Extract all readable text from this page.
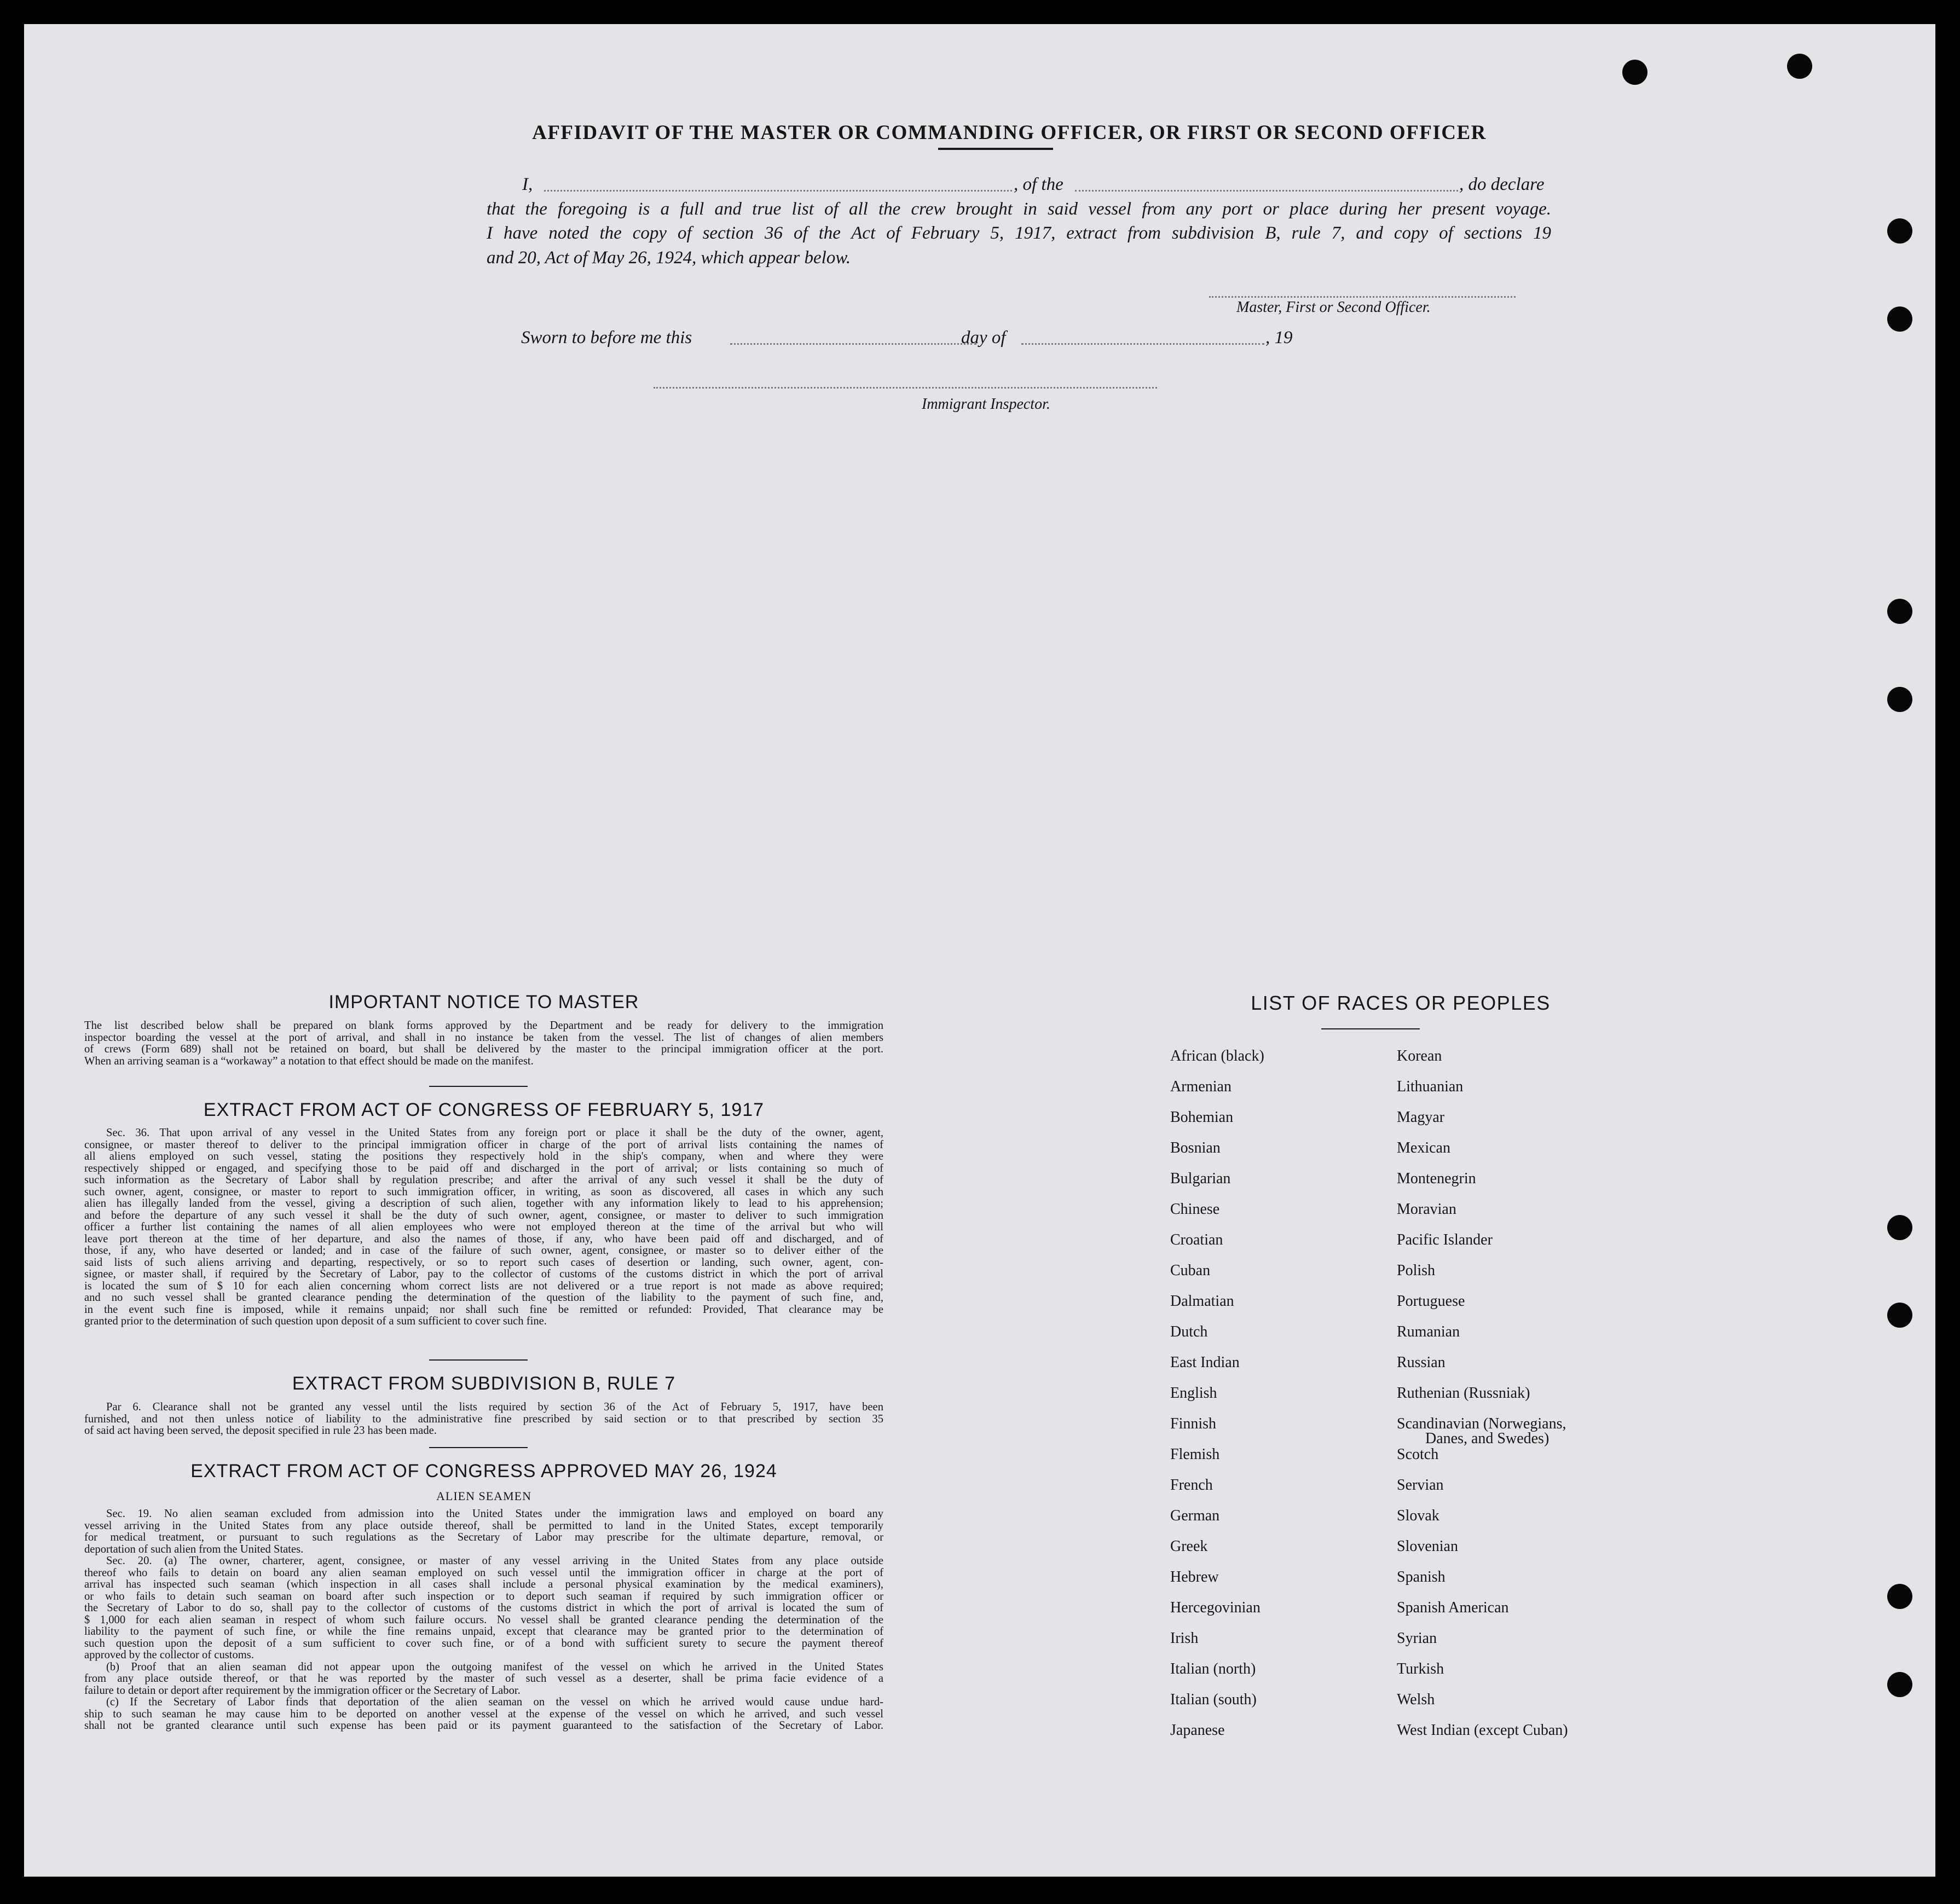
AFFIDAVIT OF THE MASTER OR COMMANDING OFFICER, OR FIRST OR SECOND OFFICER
I,	, of the	, do declare
that the foregoing is a full and true list of all the crew brought in said vessel from any port or place during her present voyage.
I have noted the copy of section 36 of the Act of February 5, 1917, extract from subdivision B, rule 7, and copy of sections 19
and 20, Act of May 26, 1924, which appear below.
Master, First or Second Officer.
Sworn to before me this	day of	, 19
Immigrant Inspector.
IMPORTANT NOTICE TO MASTER
The list described below shall be prepared on blank forms approved by the Department and be ready for delivery to the immigration
inspector boarding the vessel at the port of arrival, and shall in no instance be taken from the vessel. The list of changes of alien members
of crews (Form 689) shall not be retained on board, but shall be delivered by the master to the principal immigration officer at the port.
When an arriving seaman is a “workaway” a notation to that effect should be made on the manifest.
EXTRACT FROM ACT OF CONGRESS OF FEBRUARY 5, 1917
Sec. 36. That upon arrival of any vessel in the United States from any foreign port or place it shall be the duty of the owner, agent,
consignee, or master thereof to deliver to the principal immigration officer in charge of the port of arrival lists containing the names of
all aliens employed on such vessel, stating the positions they respectively hold in the ship's company, when and where they were
respectively shipped or engaged, and specifying those to be paid off and discharged in the port of arrival; or lists containing so much of
such information as the Secretary of Labor shall by regulation prescribe; and after the arrival of any such vessel it shall be the duty of
such owner, agent, consignee, or master to report to such immigration officer, in writing, as soon as discovered, all cases in which any such
alien has illegally landed from the vessel, giving a description of such alien, together with any information likely to lead to his apprehension;
and before the departure of any such vessel it shall be the duty of such owner, agent, consignee, or master to deliver to such immigration
officer a further list containing the names of all alien employees who were not employed thereon at the time of the arrival but who will
leave port thereon at the time of her departure, and also the names of those, if any, who have been paid off and discharged, and of
those, if any, who have deserted or landed; and in case of the failure of such owner, agent, consignee, or master so to deliver either of the
said lists of such aliens arriving and departing, respectively, or so to report such cases of desertion or landing, such owner, agent, con-
signee, or master shall, if required by the Secretary of Labor, pay to the collector of customs of the customs district in which the port of arrival
is located the sum of $ 10 for each alien concerning whom correct lists are not delivered or a true report is not made as above required;
and no such vessel shall be granted clearance pending the determination of the question of the liability to the payment of such fine, and,
in the event such fine is imposed, while it remains unpaid; nor shall such fine be remitted or refunded: Provided, That clearance may be
granted prior to the determination of such question upon deposit of a sum sufficient to cover such fine.
EXTRACT FROM SUBDIVISION B, RULE 7
Par 6. Clearance shall not be granted any vessel until the lists required by section 36 of the Act of February 5, 1917, have been
furnished, and not then unless notice of liability to the administrative fine prescribed by said section or to that prescribed by section 35
of said act having been served, the deposit specified in rule 23 has been made.
EXTRACT FROM ACT OF CONGRESS APPROVED MAY 26, 1924
ALIEN SEAMEN
Sec. 19. No alien seaman excluded from admission into the United States under the immigration laws and employed on board any
vessel arriving in the United States from any place outside thereof, shall be permitted to land in the United States, except temporarily
for medical treatment, or pursuant to such regulations as the Secretary of Labor may prescribe for the ultimate departure, removal, or
deportation of such alien from the United States.
Sec. 20. (a) The owner, charterer, agent, consignee, or master of any vessel arriving in the United States from any place outside
thereof who fails to detain on board any alien seaman employed on such vessel until the immigration officer in charge at the port of
arrival has inspected such seaman (which inspection in all cases shall include a personal physical examination by the medical examiners),
or who fails to detain such seaman on board after such inspection or to deport such seaman if required by such immigration officer or
the Secretary of Labor to do so, shall pay to the collector of customs of the customs district in which the port of arrival is located the sum of
$ 1,000 for each alien seaman in respect of whom such failure occurs. No vessel shall be granted clearance pending the determination of the
liability to the payment of such fine, or while the fine remains unpaid, except that clearance may be granted prior to the determination of
such question upon the deposit of a sum sufficient to cover such fine, or of a bond with sufficient surety to secure the payment thereof
approved by the collector of customs.
(b) Proof that an alien seaman did not appear upon the outgoing manifest of the vessel on which he arrived in the United States
from any place outside thereof, or that he was reported by the master of such vessel as a deserter, shall be prima facie evidence of a
failure to detain or deport after requirement by the immigration officer or the Secretary of Labor.
(c) If the Secretary of Labor finds that deportation of the alien seaman on the vessel on which he arrived would cause undue hard-
ship to such seaman he may cause him to be deported on another vessel at the expense of the vessel on which he arrived, and such vessel
shall not be granted clearance until such expense has been paid or its payment guaranteed to the satisfaction of the Secretary of Labor.
LIST OF RACES OR PEOPLES
African (black)
Armenian
Bohemian
Bosnian
Bulgarian
Chinese
Croatian
Cuban
Dalmatian
Dutch
East Indian
English
Finnish
Flemish
French
German
Greek
Hebrew
Hercegovinian
Irish
Italian (north)
Italian (south)
Japanese
Korean
Lithuanian
Magyar
Mexican
Montenegrin
Moravian
Pacific Islander
Polish
Portuguese
Rumanian
Russian
Ruthenian (Russniak)
Scandinavian (Norwegians,
Danes, and Swedes)
Scotch
Servian
Slovak
Slovenian
Spanish
Spanish American
Syrian
Turkish
Welsh
West Indian (except Cuban)
